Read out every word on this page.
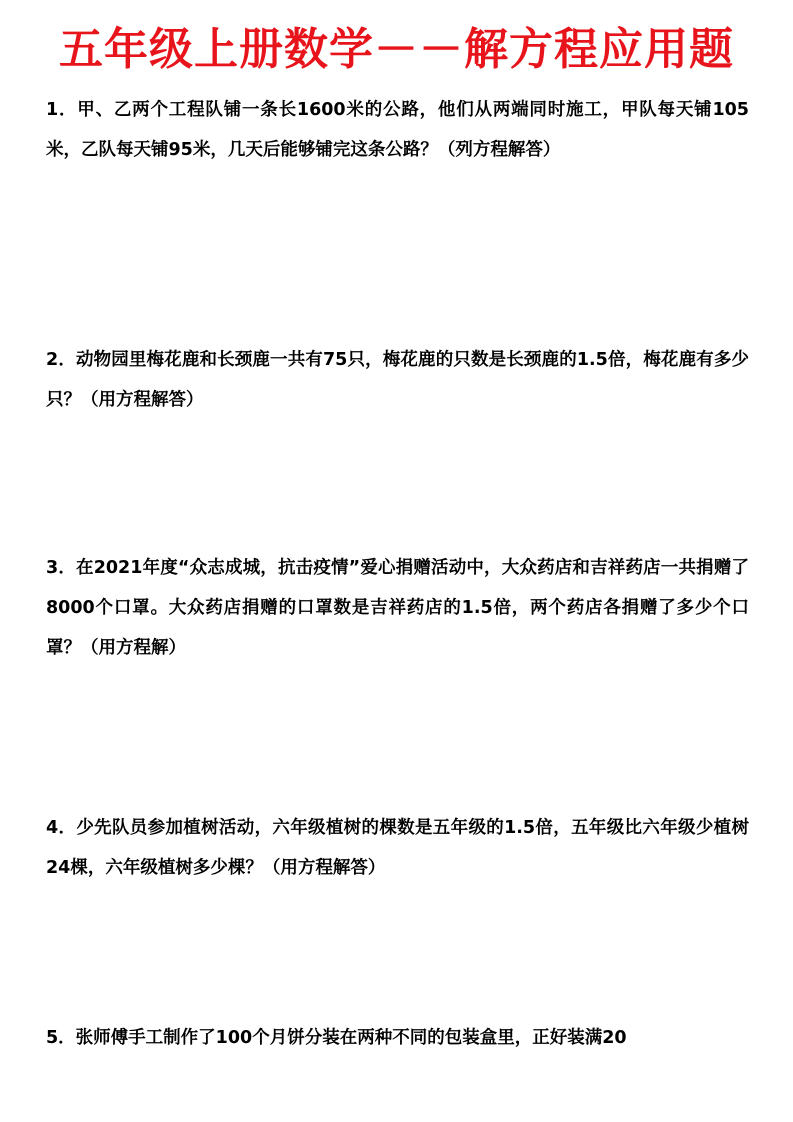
五年级上册数学－－解方程应用题

1．甲、乙两个工程队铺一条长1600米的公路，他们从两端同时施工，甲队每天铺105米，乙队每天铺95米，几天后能够铺完这条公路？（列方程解答）

2．动物园里梅花鹿和长颈鹿一共有75只，梅花鹿的只数是长颈鹿的1.5倍，梅花鹿有多少只？（用方程解答）

3．在2021年度“众志成城，抗击疫情”爱心捐赠活动中，大众药店和吉祥药店一共捐赠了8000个口罩。大众药店捐赠的口罩数是吉祥药店的1.5倍，两个药店各捐赠了多少个口罩？（用方程解）

4．少先队员参加植树活动，六年级植树的棵数是五年级的1.5倍，五年级比六年级少植树24棵，六年级植树多少棵？（用方程解答）

5．张师傅手工制作了100个月饼分装在两种不同的包装盒里，正好装满20
